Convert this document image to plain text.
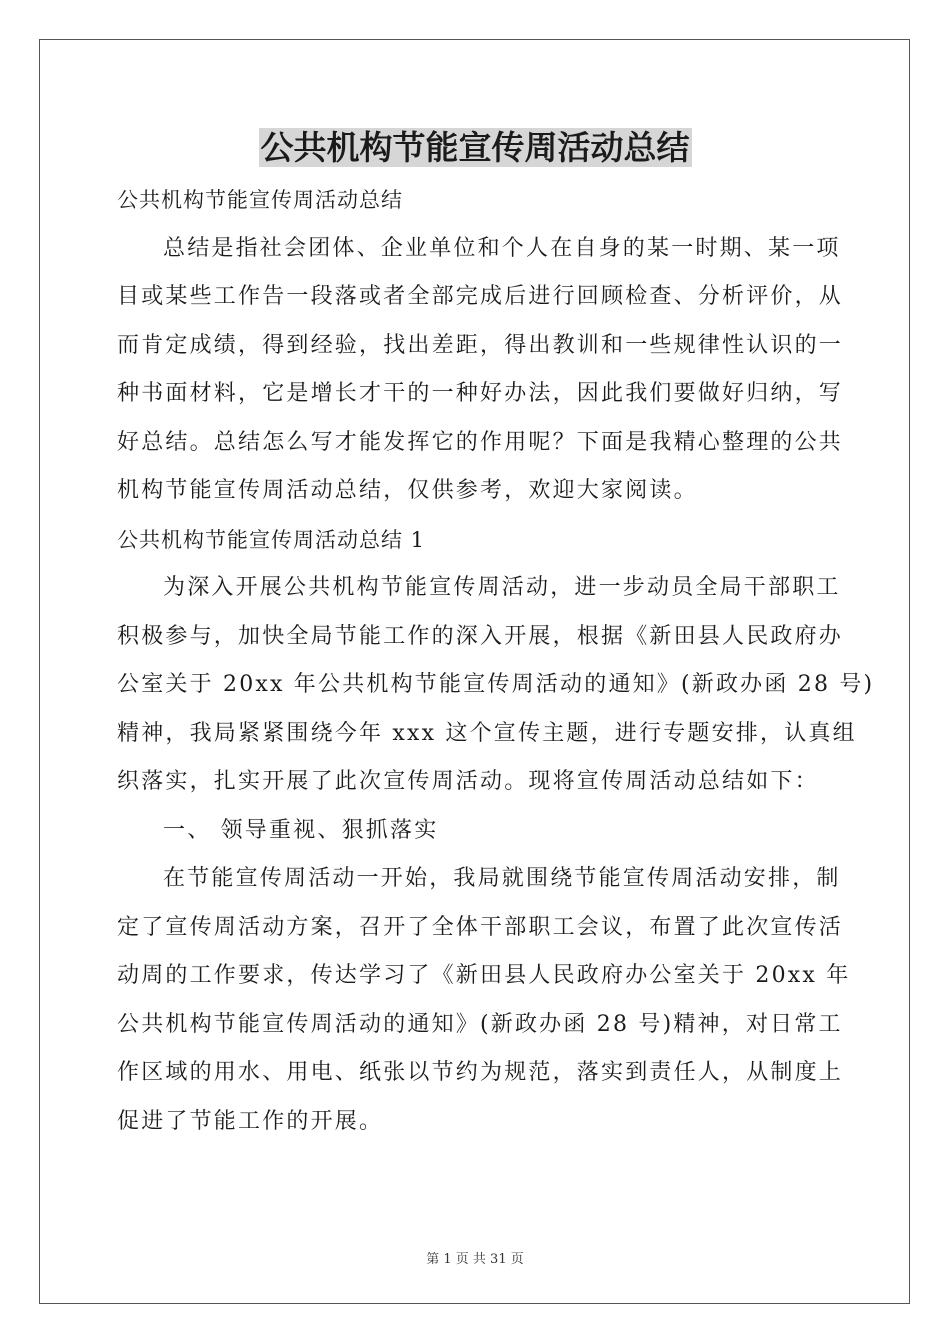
公共机构节能宣传周活动总结
公共机构节能宣传周活动总结
总结是指社会团体、企业单位和个人在自身的某一时期、某一项
目或某些工作告一段落或者全部完成后进行回顾检查、分析评价，从
而肯定成绩，得到经验，找出差距，得出教训和一些规律性认识的一
种书面材料，它是增长才干的一种好办法，因此我们要做好归纳，写
好总结。总结怎么写才能发挥它的作用呢？下面是我精心整理的公共
机构节能宣传周活动总结，仅供参考，欢迎大家阅读。
公共机构节能宣传周活动总结 1
为深入开展公共机构节能宣传周活动，进一步动员全局干部职工
积极参与，加快全局节能工作的深入开展，根据《新田县人民政府办
公室关于 20xx 年公共机构节能宣传周活动的通知》(新政办函 28 号)
精神，我局紧紧围绕今年 xxx 这个宣传主题，进行专题安排，认真组
织落实，扎实开展了此次宣传周活动。现将宣传周活动总结如下：
一、 领导重视、狠抓落实
在节能宣传周活动一开始，我局就围绕节能宣传周活动安排，制
定了宣传周活动方案，召开了全体干部职工会议，布置了此次宣传活
动周的工作要求，传达学习了《新田县人民政府办公室关于 20xx 年
公共机构节能宣传周活动的通知》(新政办函 28 号)精神，对日常工
作区域的用水、用电、纸张以节约为规范，落实到责任人，从制度上
促进了节能工作的开展。
第 1 页 共 31 页
